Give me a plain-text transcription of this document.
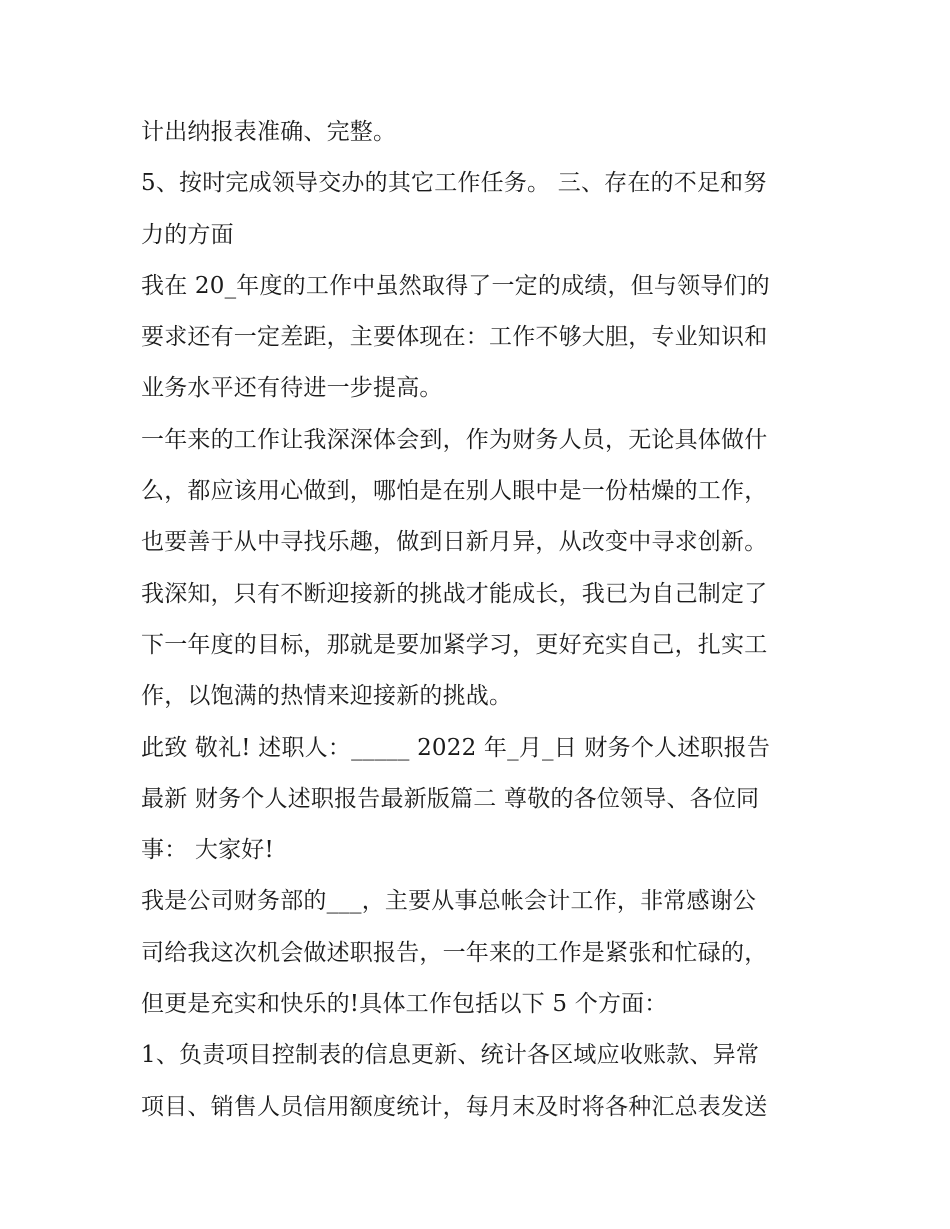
计出纳报表准确、完整。
5、按时完成领导交办的其它工作任务。 三、存在的不足和努
力的方面
我在 20_年度的工作中虽然取得了一定的成绩，但与领导们的
要求还有一定差距，主要体现在：工作不够大胆，专业知识和
业务水平还有待进一步提高。
一年来的工作让我深深体会到，作为财务人员，无论具体做什
么，都应该用心做到，哪怕是在别人眼中是一份枯燥的工作，
也要善于从中寻找乐趣，做到日新月异，从改变中寻求创新。
我深知，只有不断迎接新的挑战才能成长，我已为自己制定了
下一年度的目标，那就是要加紧学习，更好充实自己，扎实工
作，以饱满的热情来迎接新的挑战。
此致 敬礼! 述职人：_____ 2022 年_月_日 财务个人述职报告
最新 财务个人述职报告最新版篇二 尊敬的各位领导、各位同
事： 大家好!
我是公司财务部的___，主要从事总帐会计工作，非常感谢公
司给我这次机会做述职报告，一年来的工作是紧张和忙碌的，
但更是充实和快乐的!具体工作包括以下 5 个方面：
1、负责项目控制表的信息更新、统计各区域应收账款、异常
项目、销售人员信用额度统计，每月末及时将各种汇总表发送
